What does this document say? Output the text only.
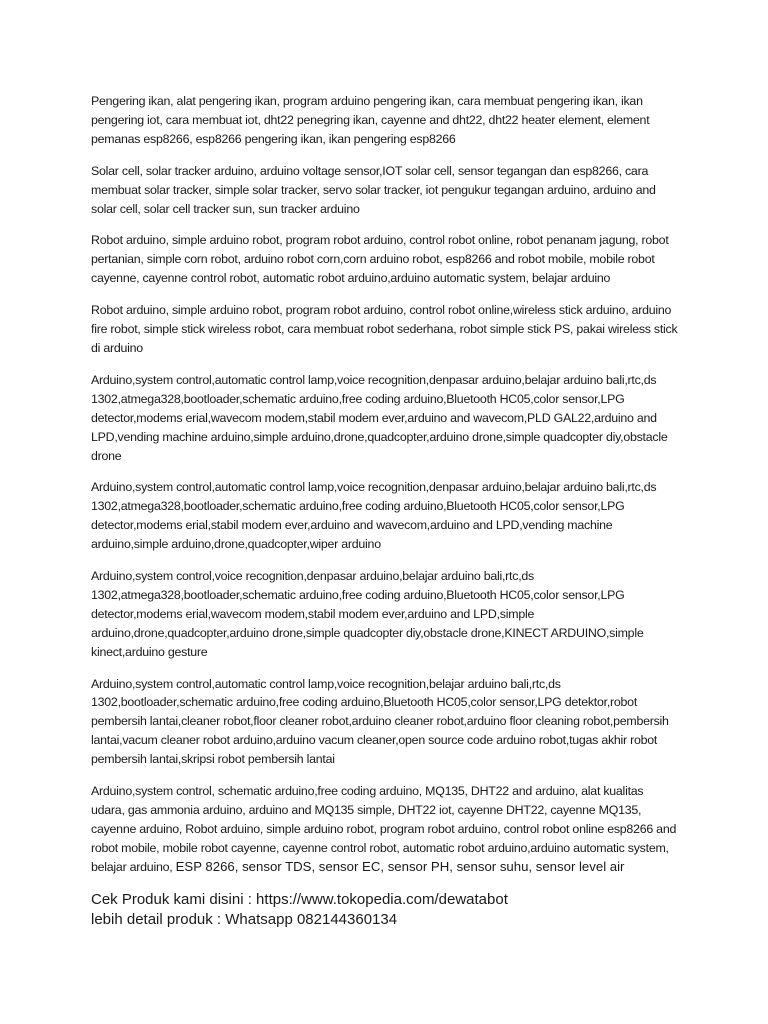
Pengering ikan, alat pengering ikan, program arduino pengering ikan, cara membuat pengering ikan, ikan pengering iot, cara membuat iot, dht22 penegring ikan, cayenne and dht22, dht22 heater element, element pemanas esp8266, esp8266 pengering ikan, ikan pengering esp8266

Solar cell, solar tracker arduino, arduino voltage sensor,IOT solar cell, sensor tegangan dan esp8266, cara membuat solar tracker, simple solar tracker, servo solar tracker, iot pengukur tegangan arduino, arduino and solar cell, solar cell tracker sun, sun tracker arduino

Robot arduino, simple arduino robot, program robot arduino, control robot online, robot penanam jagung, robot pertanian, simple corn robot, arduino robot corn,corn arduino robot, esp8266 and robot mobile, mobile robot cayenne, cayenne control robot, automatic robot arduino,arduino automatic system, belajar arduino

Robot arduino, simple arduino robot, program robot arduino, control robot online,wireless stick arduino, arduino fire robot, simple stick wireless robot, cara membuat robot sederhana, robot simple stick PS, pakai wireless stick di arduino

Arduino,system control,automatic control lamp,voice recognition,denpasar arduino,belajar arduino bali,rtc,ds 1302,atmega328,bootloader,schematic arduino,free coding arduino,Bluetooth HC05,color sensor,LPG detector,modems erial,wavecom modem,stabil modem ever,arduino and wavecom,PLD GAL22,arduino and LPD,vending machine arduino,simple arduino,drone,quadcopter,arduino drone,simple quadcopter diy,obstacle drone

Arduino,system control,automatic control lamp,voice recognition,denpasar arduino,belajar arduino bali,rtc,ds 1302,atmega328,bootloader,schematic arduino,free coding arduino,Bluetooth HC05,color sensor,LPG detector,modems erial,stabil modem ever,arduino and wavecom,arduino and LPD,vending machine arduino,simple arduino,drone,quadcopter,wiper arduino

Arduino,system control,voice recognition,denpasar arduino,belajar arduino bali,rtc,ds 1302,atmega328,bootloader,schematic arduino,free coding arduino,Bluetooth HC05,color sensor,LPG detector,modems erial,wavecom modem,stabil modem ever,arduino and LPD,simple arduino,drone,quadcopter,arduino drone,simple quadcopter diy,obstacle drone,KINECT ARDUINO,simple kinect,arduino gesture

Arduino,system control,automatic control lamp,voice recognition,belajar arduino bali,rtc,ds 1302,bootloader,schematic arduino,free coding arduino,Bluetooth HC05,color sensor,LPG detektor,robot pembersih lantai,cleaner robot,floor cleaner robot,arduino cleaner robot,arduino floor cleaning robot,pembersih lantai,vacum cleaner robot arduino,arduino vacum cleaner,open source code arduino robot,tugas akhir robot pembersih lantai,skripsi robot pembersih lantai

Arduino,system control, schematic arduino,free coding arduino, MQ135, DHT22 and arduino, alat kualitas udara, gas ammonia arduino, arduino and MQ135 simple, DHT22 iot, cayenne DHT22, cayenne MQ135, cayenne arduino, Robot arduino, simple arduino robot, program robot arduino, control robot online esp8266 and robot mobile, mobile robot cayenne, cayenne control robot, automatic robot arduino,arduino automatic system, belajar arduino, ESP 8266, sensor TDS, sensor EC, sensor PH, sensor suhu, sensor level air

Cek Produk kami disini : https://www.tokopedia.com/dewatabot
lebih detail produk : Whatsapp 082144360134
